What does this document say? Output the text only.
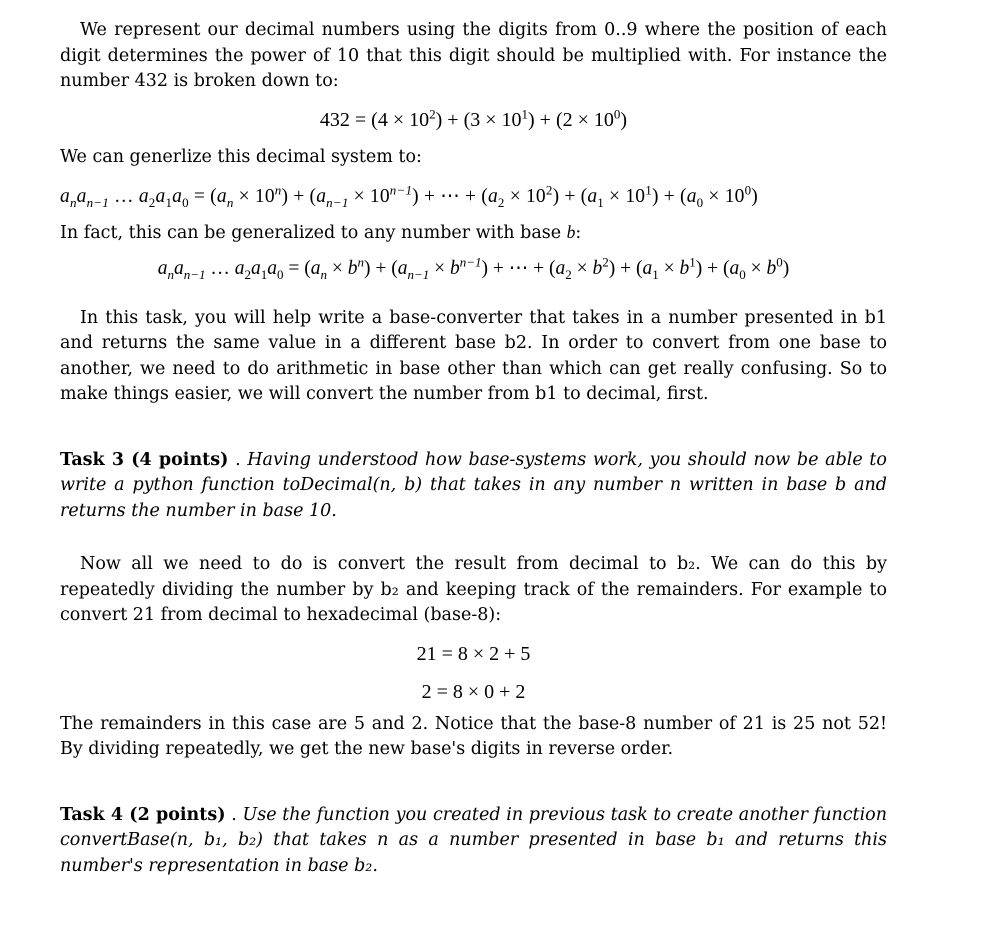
We represent our decimal numbers using the digits from 0..9 where the position of each digit determines the power of 10 that this digit should be multiplied with. For instance the number 432 is broken down to:

$432 = (4 \times 10^2) + (3 \times 10^1) + (2 \times 10^0)$

We can generlize this decimal system to:

$a_na_{n-1}$ … $a_2a_1a_0 = (a_n \times 10^n) + (a_{n-1} \times 10^{n-1})$ + ⋯ + $(a_2 \times 10^2) + (a_1 \times 10^1) + (a_0 \times 10^0)$

In fact, this can be generalized to any number with base b:

$a_na_{n-1}$ … $a_2a_1a_0 = (a_n \times b^n) + (a_{n-1} \times b^{n-1})$ + ⋯ + $(a_2 \times b^2) + (a_1 \times b^1) + (a_0 \times b^0)$

In this task, you will help write a base-converter that takes in a number presented in b1 and returns the same value in a different base b2. In order to convert from one base to another, we need to do arithmetic in base other than which can get really confusing. So to make things easier, we will convert the number from b1 to decimal, first.

Task 3 (4 points) . Having understood how base-systems work, you should now be able to write a python function toDecimal(n, b) that takes in any number n written in base b and returns the number in base 10.

Now all we need to do is convert the result from decimal to b₂. We can do this by repeatedly dividing the number by b₂ and keeping track of the remainders. For example to convert 21 from decimal to hexadecimal (base-8):

21 = 8 × 2 + 5
2 = 8 × 0 + 2

The remainders in this case are 5 and 2. Notice that the base-8 number of 21 is 25 not 52! By dividing repeatedly, we get the new base's digits in reverse order.

Task 4 (2 points) . Use the function you created in previous task to create another function convertBase(n, b₁, b₂) that takes n as a number presented in base b₁ and returns this number's representation in base b₂.
